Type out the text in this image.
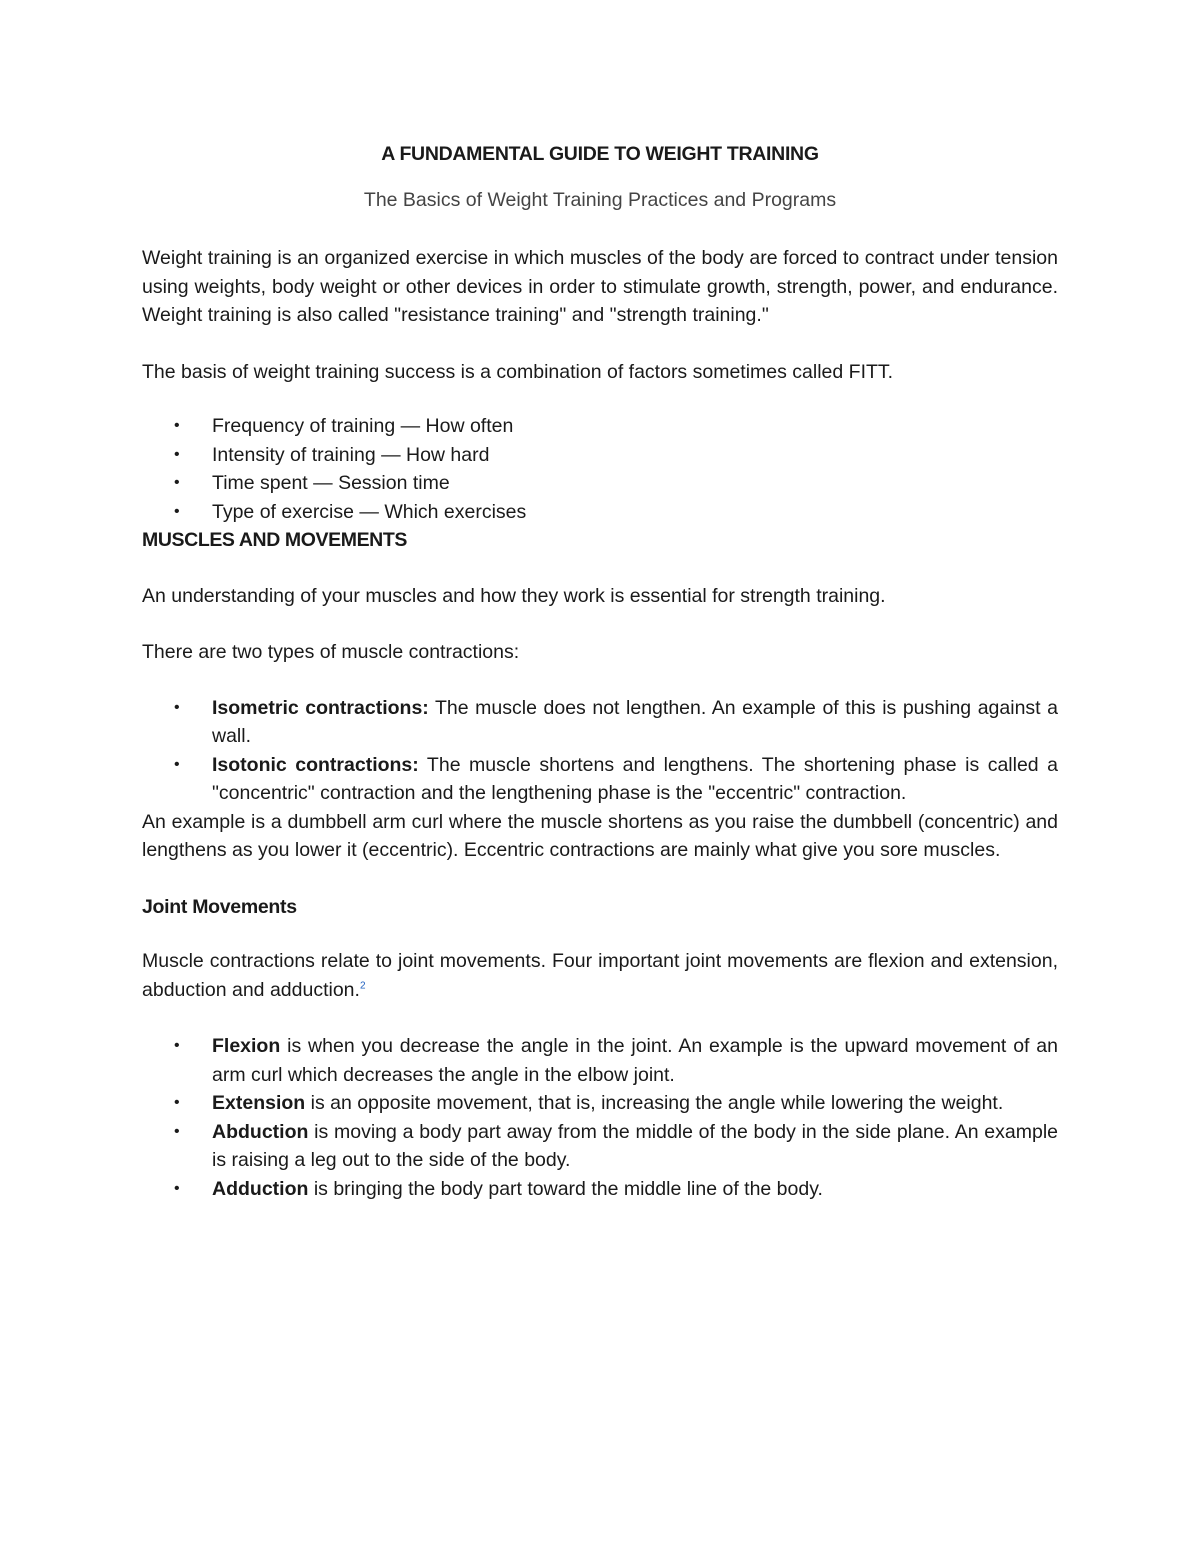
A FUNDAMENTAL GUIDE TO WEIGHT TRAINING

The Basics of Weight Training Practices and Programs

Weight training is an organized exercise in which muscles of the body are forced to contract under tension using weights, body weight or other devices in order to stimulate growth, strength, power, and endurance. Weight training is also called "resistance training" and "strength training."

The basis of weight training success is a combination of factors sometimes called FITT.

• Frequency of training — How often
• Intensity of training — How hard
• Time spent — Session time
• Type of exercise — Which exercises
MUSCLES AND MOVEMENTS

An understanding of your muscles and how they work is essential for strength training.

There are two types of muscle contractions:

• Isometric contractions: The muscle does not lengthen. An example of this is pushing against a wall.
• Isotonic contractions: The muscle shortens and lengthens. The shortening phase is called a "concentric" contraction and the lengthening phase is the "eccentric" contraction.

An example is a dumbbell arm curl where the muscle shortens as you raise the dumbbell (concentric) and lengthens as you lower it (eccentric). Eccentric contractions are mainly what give you sore muscles.

Joint Movements

Muscle contractions relate to joint movements. Four important joint movements are flexion and extension, abduction and adduction.$^2$

• Flexion is when you decrease the angle in the joint. An example is the upward movement of an arm curl which decreases the angle in the elbow joint.
• Extension is an opposite movement, that is, increasing the angle while lowering the weight.
• Abduction is moving a body part away from the middle of the body in the side plane. An example is raising a leg out to the side of the body.
• Adduction is bringing the body part toward the middle line of the body.
